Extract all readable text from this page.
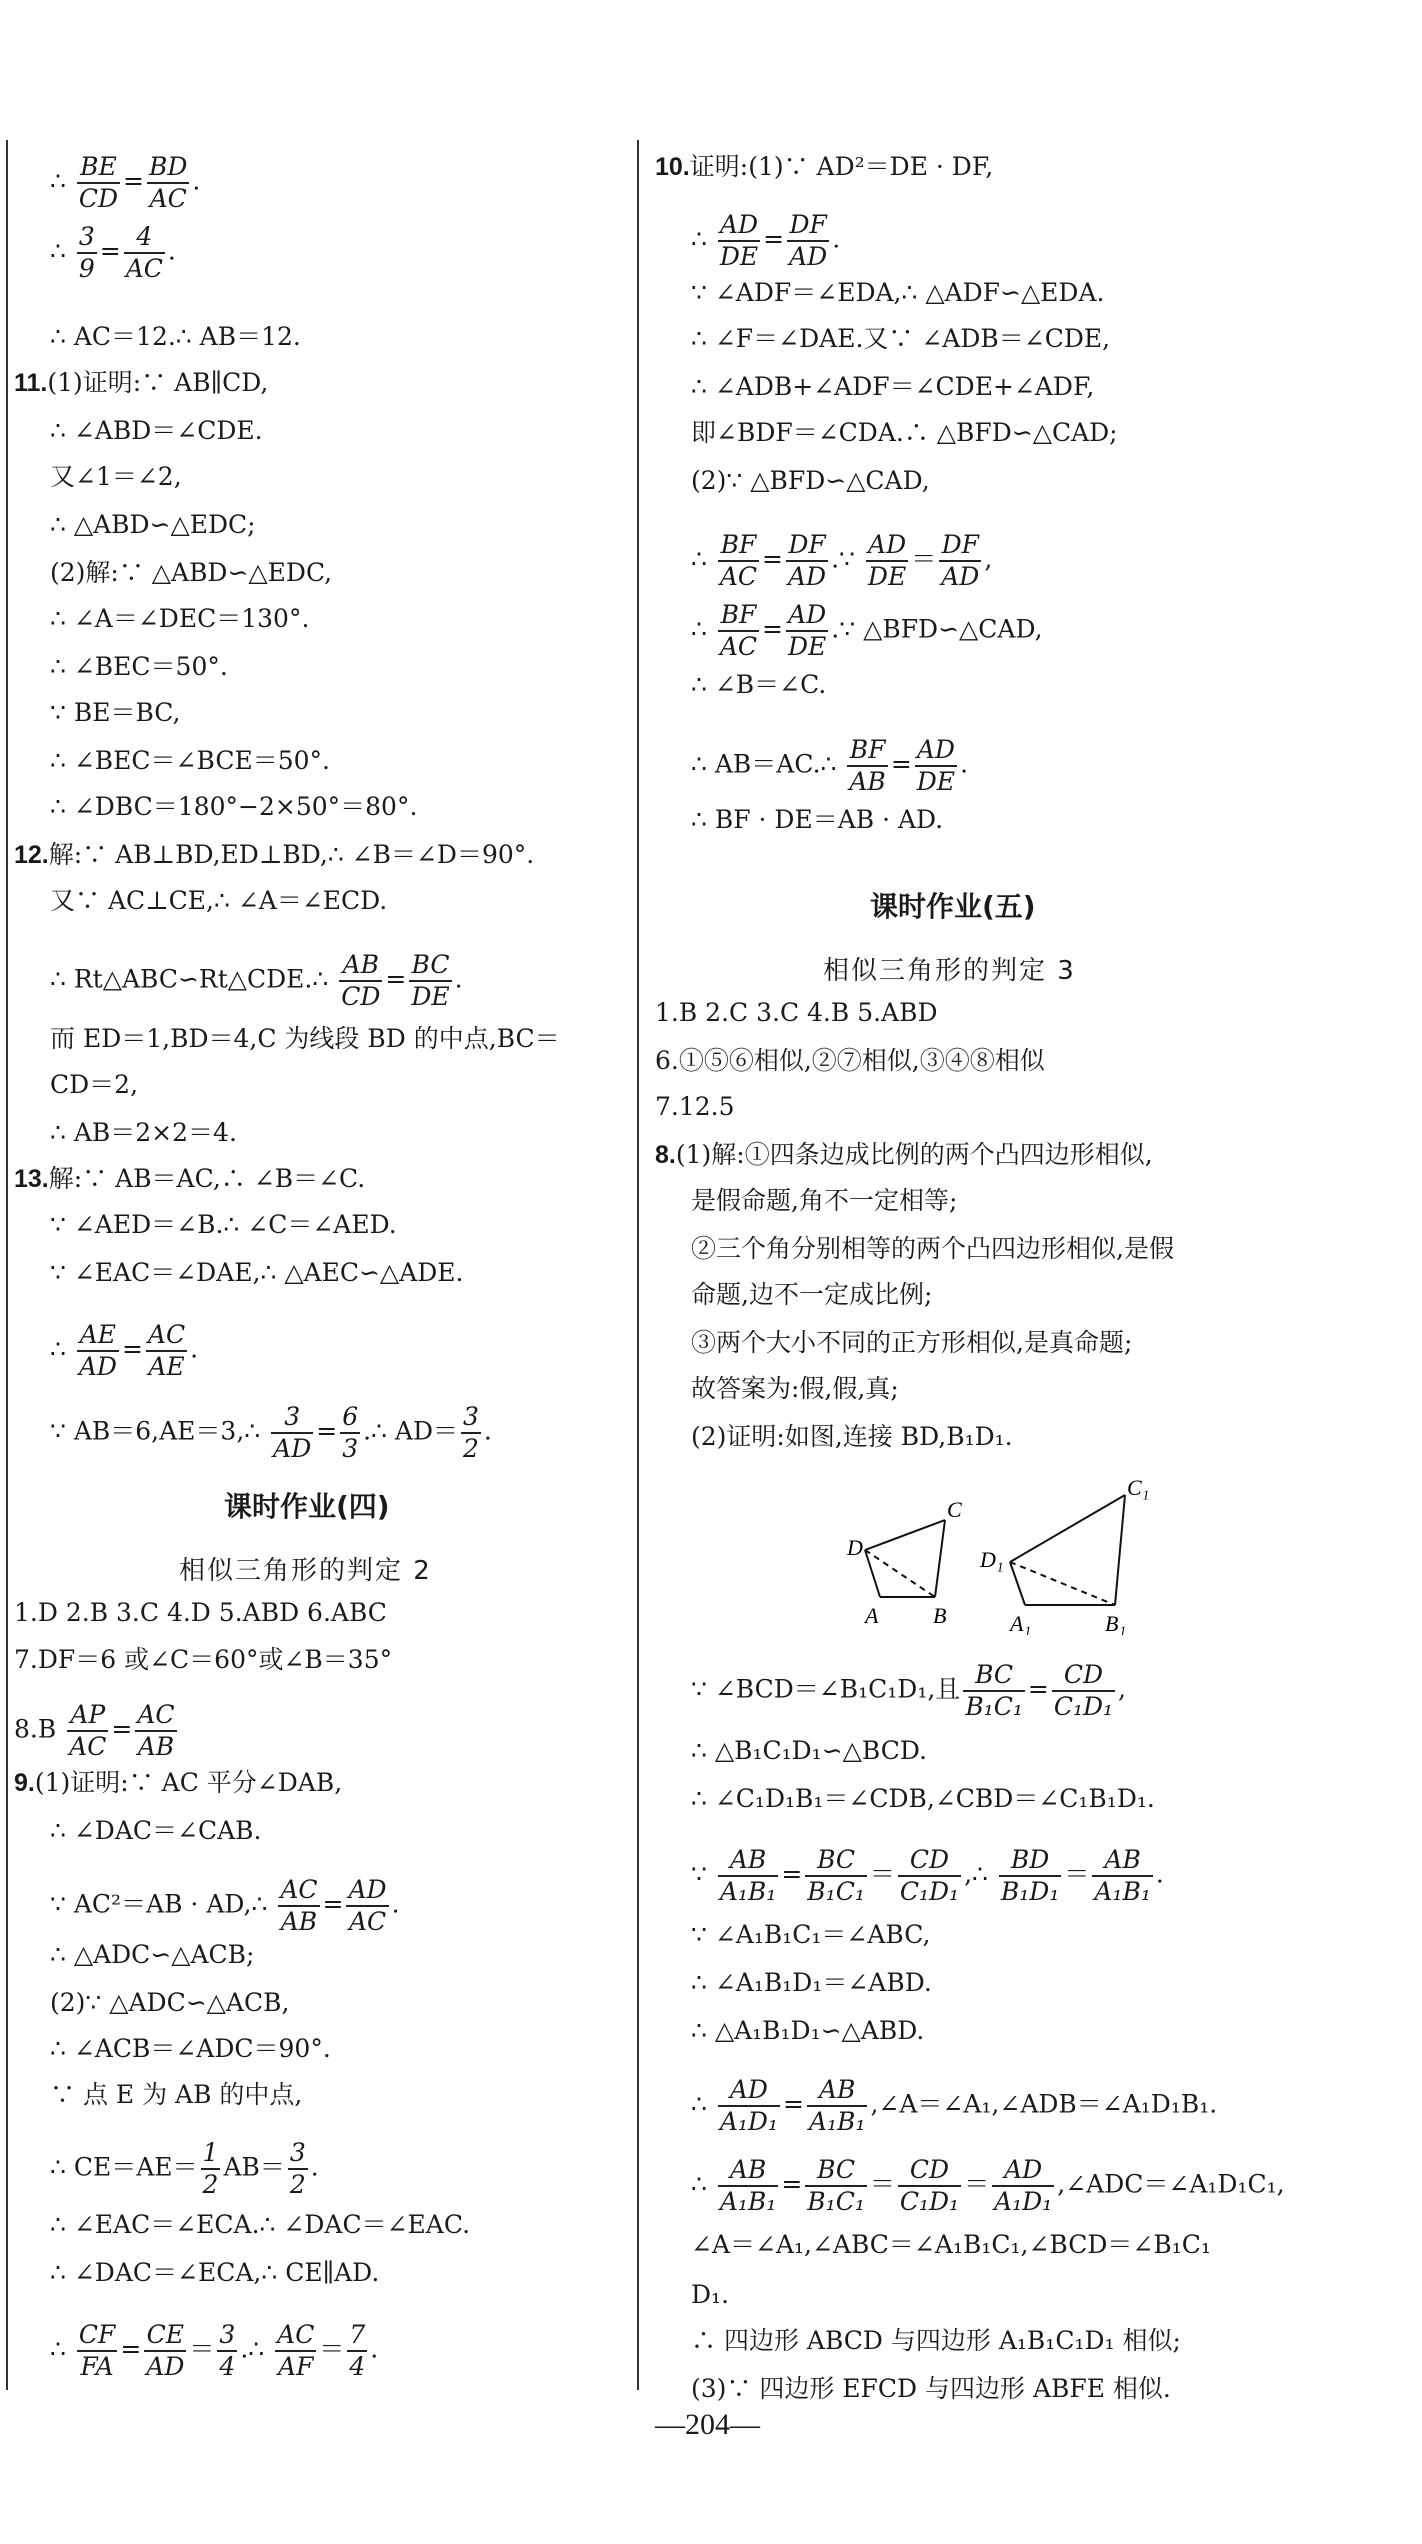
∴ $\frac{BE}{CD} = \frac{BD}{AC}$ .
∴ $\frac{3}{9} = \frac{4}{AC}$ .
∴ AC＝12.∴ AB＝12.
11.(1)证明:∵ AB∥CD,
∴ ∠ABD＝∠CDE.
又∠1＝∠2,
∴ △ABD∽△EDC;
(2)解:∵ △ABD∽△EDC,
∴ ∠A＝∠DEC＝130°.
∴ ∠BEC＝50°.
∵ BE＝BC,
∴ ∠BEC＝∠BCE＝50°.
∴ ∠DBC＝180°−2×50°＝80°.
12.解:∵ AB⊥BD,ED⊥BD,∴ ∠B＝∠D＝90°.
又∵ AC⊥CE,∴ ∠A＝∠ECD.
∴ Rt△ABC∽Rt△CDE.∴ $\frac{AB}{CD} = \frac{BC}{DE}$ .
而 ED＝1,BD＝4,C 为线段 BD 的中点,BC＝
CD＝2,
∴ AB＝2×2＝4.
13.解:∵ AB＝AC,∴ ∠B＝∠C.
∵ ∠AED＝∠B.∴ ∠C＝∠AED.
∵ ∠EAC＝∠DAE,∴ △AEC∽△ADE.
∴ $\frac{AE}{AD} = \frac{AC}{AE}$ .
∵ AB＝6,AE＝3,∴ $\frac{3}{AD} = \frac{6}{3}$ .∴ $AD= \frac{3}{2}$ .
课时作业(四)
相似三角形的判定 2
1.D 2.B 3.C 4.D 5.ABD 6.ABC
7.DF＝6 或∠C＝60°或∠B＝35°
$8.B \frac{AP}{AC} = \frac{AC}{AB}$
9.(1)证明:∵ AC 平分∠DAB,
∴ ∠DAC＝∠CAB.
∵ AC²＝AB · AD,∴ $\frac{AC}{AB} = \frac{AD}{AC}$ .
∴ △ADC∽△ACB;
(2)∵ △ADC∽△ACB,
∴ ∠ACB＝∠ADC＝90°.
∵ 点 E 为 AB 的中点,
∴ $CE=AE= \frac{1}{2} AB= \frac{3}{2}$ .
∴ ∠EAC＝∠ECA.∴ ∠DAC＝∠EAC.
∴ ∠DAC＝∠ECA,∴ CE∥AD.
∴ $\frac{CF}{FA} = \frac{CE}{AD} = \frac{3}{4}$ .∴ $\frac{AC}{AF} = \frac{7}{4}$ .
10.证明:(1)∵ AD²＝DE · DF,
∴ $\frac{AD}{DE} = \frac{DF}{AD}$ .
∵ ∠ADF＝∠EDA,∴ △ADF∽△EDA.
∴ ∠F＝∠DAE.又∵ ∠ADB＝∠CDE,
∴ ∠ADB+∠ADF＝∠CDE+∠ADF,
即∠BDF＝∠CDA.∴ △BFD∽△CAD;
(2)∵ △BFD∽△CAD,
∴ $\frac{BF}{AC} = \frac{DF}{AD}$ .∵ $\frac{AD}{DE} = \frac{DF}{AD}$ ,
∴ $\frac{BF}{AC} = \frac{AD}{DE}$ .∵ △BFD∽△CAD,
∴ ∠B＝∠C.
∴ AB＝AC.∴ $\frac{BF}{AB} = \frac{AD}{DE}$ .
∴ BF · DE＝AB · AD.
课时作业(五)
相似三角形的判定 3
1.B 2.C 3.C 4.B 5.ABD
6.①⑤⑥相似,②⑦相似,③④⑧相似
7.12.5
8.(1)解:①四条边成比例的两个凸四边形相似,
是假命题,角不一定相等;
②三个角分别相等的两个凸四边形相似,是假
命题,边不一定成比例;
③两个大小不同的正方形相似,是真命题;
故答案为:假,假,真;
(2)证明:如图,连接 BD,B₁D₁.
D
C
A B
D₁
C₁
A₁	B₁
∵ ∠BCD＝∠B₁C₁D₁,且 $\frac{BC}{\text{B₁C₁}} = \frac{CD}{\text{C₁D₁}}$ ,
∴ △B₁C₁D₁∽△BCD.
∴ ∠C₁D₁B₁＝∠CDB,∠CBD＝∠C₁B₁D₁.
∵ $\frac{AB}{\text{A₁B₁}} = \frac{BC}{\text{B₁C₁}} = \frac{CD}{\text{C₁D₁}}$ ,∴ $\frac{BD}{\text{B₁D₁}} = \frac{AB}{\text{A₁B₁}}$ .
∵ ∠A₁B₁C₁＝∠ABC,
∴ ∠A₁B₁D₁＝∠ABD.
∴ △A₁B₁D₁∽△ABD.
∴ $\frac{AD}{\text{A₁D₁}} = \frac{AB}{\text{A₁B₁}}$ ,∠A＝∠A₁,∠ADB＝∠A₁D₁B₁.
∴ $\frac{AB}{\text{A₁B₁}} = \frac{BC}{\text{B₁C₁}} = \frac{CD}{\text{C₁D₁}} = \frac{AD}{\text{A₁D₁}}$ ,∠ADC＝∠A₁D₁C₁,
∠A＝∠A₁,∠ABC＝∠A₁B₁C₁,∠BCD＝∠B₁C₁
D₁.
∴ 四边形 ABCD 与四边形 A₁B₁C₁D₁ 相似;
(3)∵ 四边形 EFCD 与四边形 ABFE 相似.
—204—
